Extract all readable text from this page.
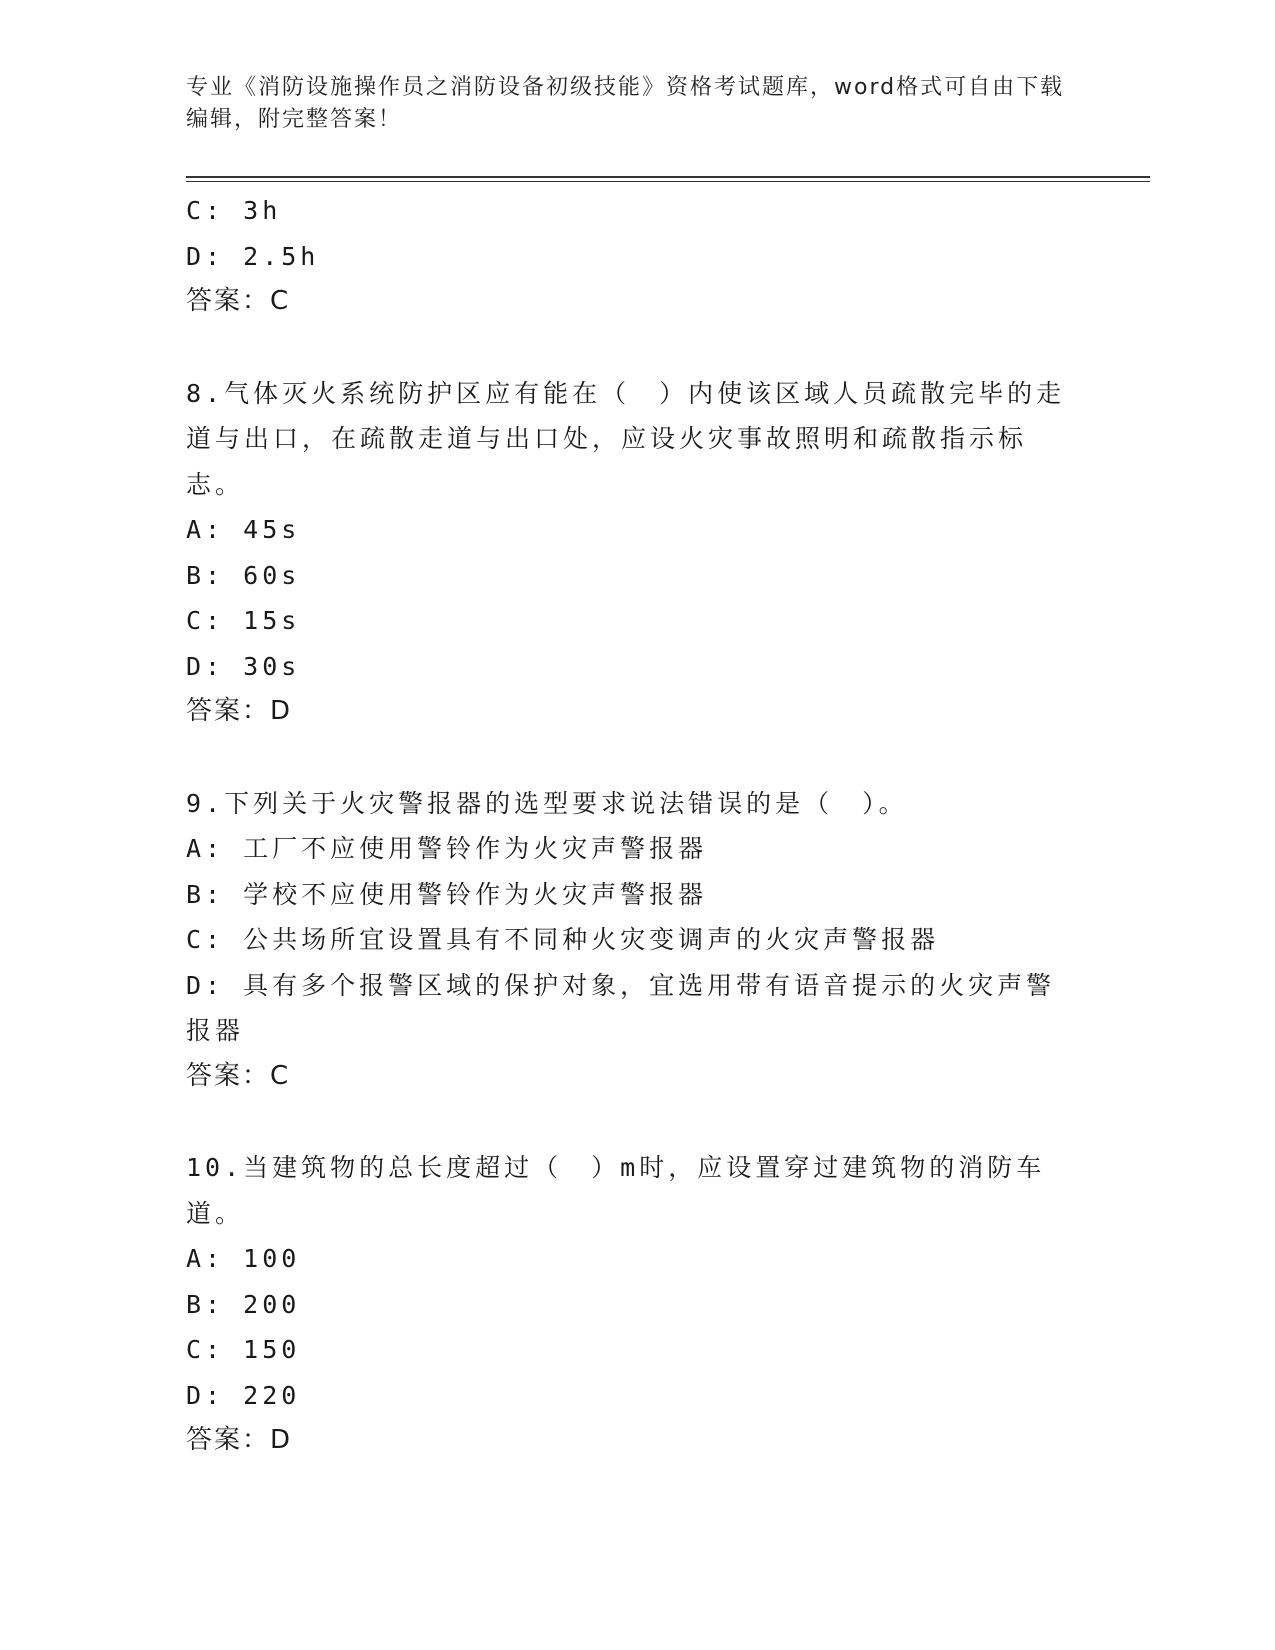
专业《消防设施操作员之消防设备初级技能》资格考试题库，word格式可自由下载编辑，附完整答案！
C: 3h
D: 2.5h
答案：C
8.气体灭火系统防护区应有能在（　）内使该区域人员疏散完毕的走道与出口，在疏散走道与出口处，应设火灾事故照明和疏散指示标志。
A: 45s
B: 60s
C: 15s
D: 30s
答案：D
9.下列关于火灾警报器的选型要求说法错误的是（　）。
A: 工厂不应使用警铃作为火灾声警报器
B: 学校不应使用警铃作为火灾声警报器
C: 公共场所宜设置具有不同种火灾变调声的火灾声警报器
D: 具有多个报警区域的保护对象，宜选用带有语音提示的火灾声警报器
答案：C
10.当建筑物的总长度超过（　）m时，应设置穿过建筑物的消防车道。
A: 100
B: 200
C: 150
D: 220
答案：D
